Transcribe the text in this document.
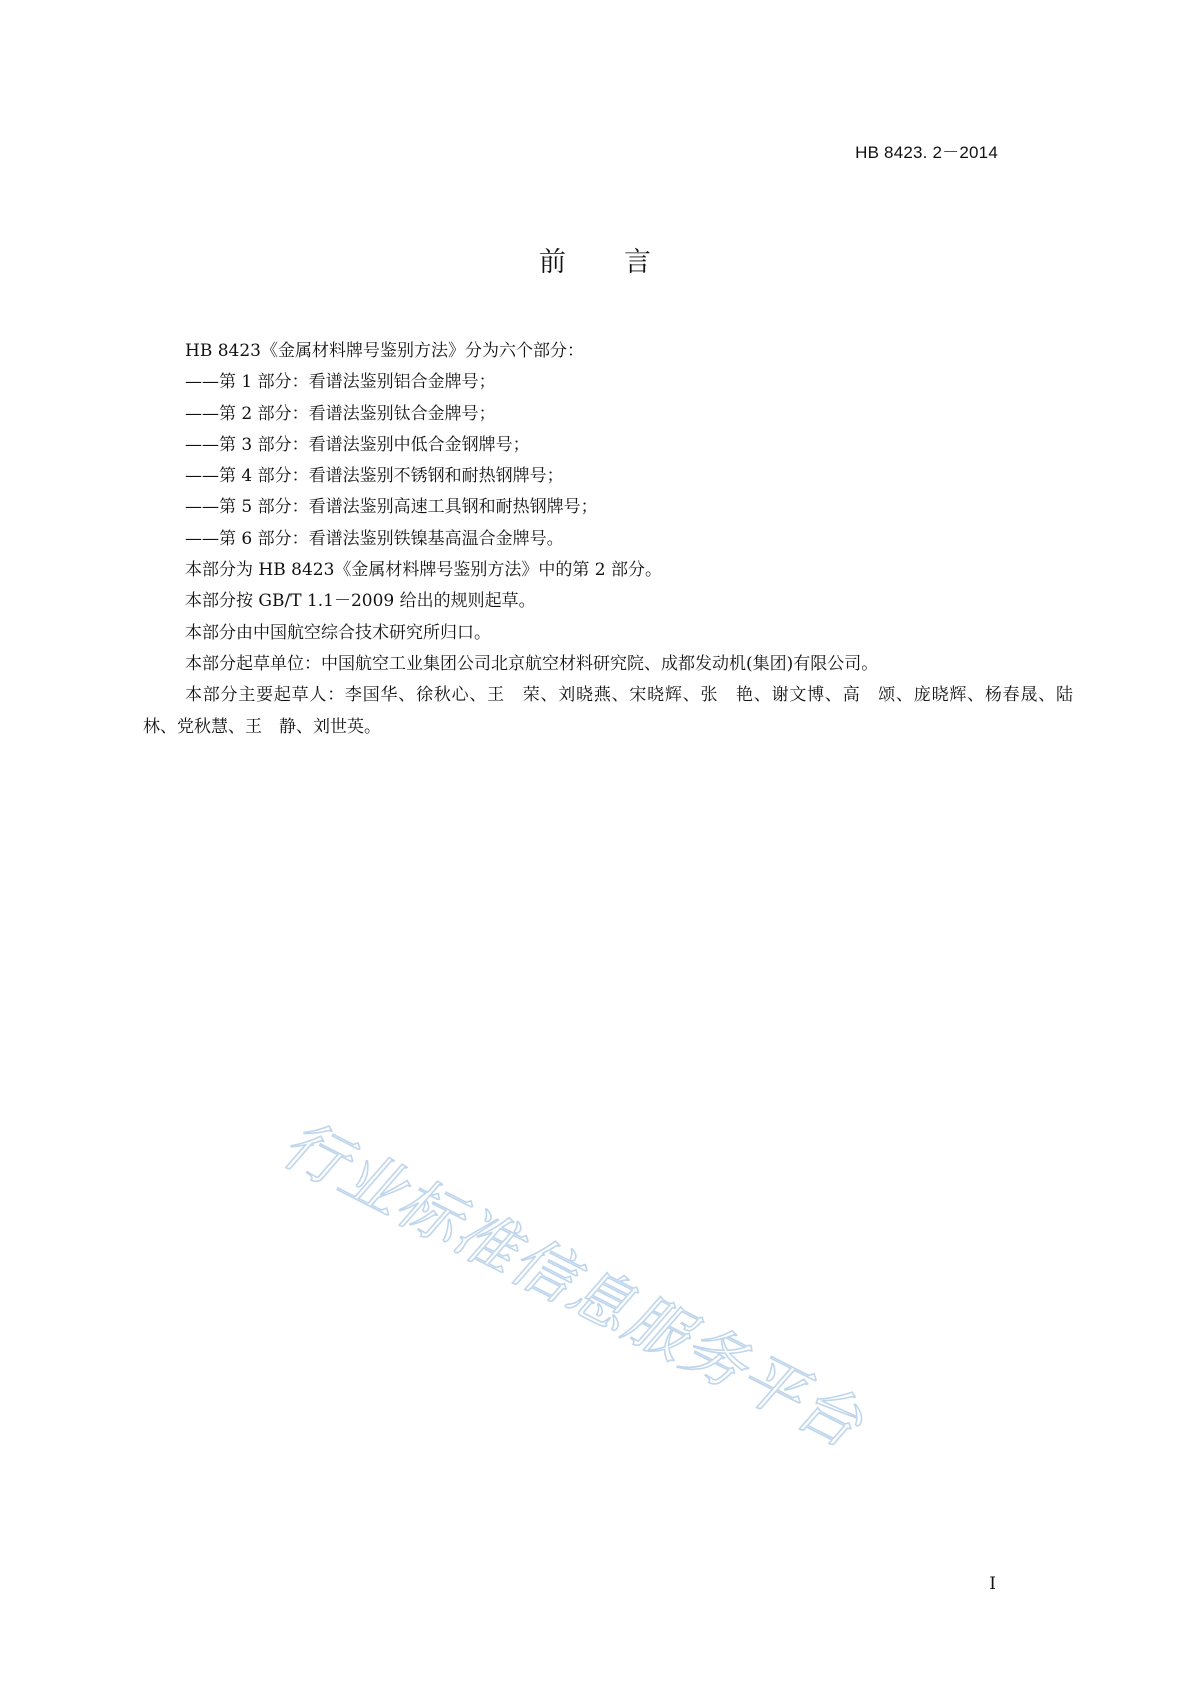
HB 8423. 2－2014
前言

HB 8423《金属材料牌号鉴别方法》分为六个部分：

——第 1 部分：看谱法鉴别铝合金牌号；

——第 2 部分：看谱法鉴别钛合金牌号；

——第 3 部分：看谱法鉴别中低合金钢牌号；

——第 4 部分：看谱法鉴别不锈钢和耐热钢牌号；

——第 5 部分：看谱法鉴别高速工具钢和耐热钢牌号；

——第 6 部分：看谱法鉴别铁镍基高温合金牌号。

本部分为 HB 8423《金属材料牌号鉴别方法》中的第 2 部分。

本部分按 GB/T 1.1－2009 给出的规则起草。

本部分由中国航空综合技术研究所归口。

本部分起草单位：中国航空工业集团公司北京航空材料研究院、成都发动机(集团)有限公司。

本部分主要起草人：李国华、徐秋心、王　荣、刘晓燕、宋晓辉、张　艳、谢文博、高　颂、庞晓辉、杨春晟、陆　林、党秋慧、王　静、刘世英。

行业标准信息服务平台
I
